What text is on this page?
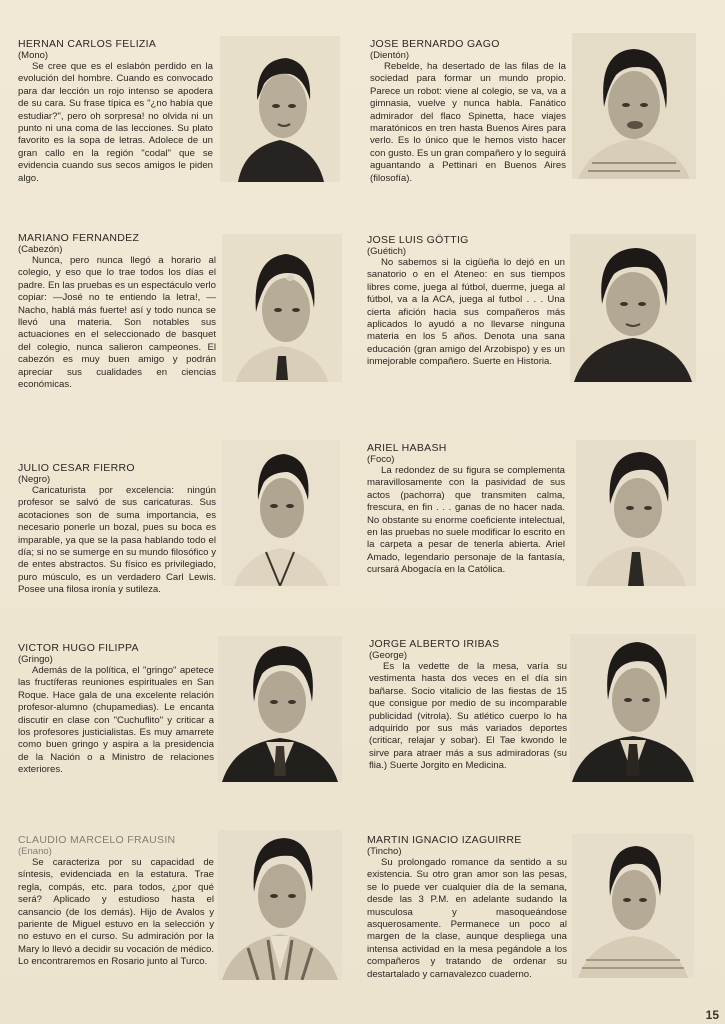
HERNAN CARLOS FELIZIA
(Mono)

Se cree que es el eslabón perdido en la evolución del hombre. Cuando es convocado para dar lección un rojo intenso se apodera de su cara. Su frase típica es "¿no había que estudiar?", pero oh sorpresa! no olvida ni un punto ni una coma de las lecciones. Su plato favorito es la sopa de letras. Adolece de un gran callo en la región "codal" que se evidencia cuando sus secos amigos le piden algo.

JOSE BERNARDO GAGO
(Dientón)

Rebelde, ha desertado de las filas de la sociedad para formar un mundo propio. Parece un robot: viene al colegio, se va, va a gimnasia, vuelve y nunca habla. Fanático admirador del flaco Spinetta, hace viajes maratónicos en tren hasta Buenos Aires para verlo. Es lo único que le hemos visto hacer con gusto. Es un gran compañero y lo seguirá aguantando a Pettinari en Buenos Aires (filosofía).

MARIANO FERNANDEZ
(Cabezón)

Nunca, pero nunca llegó a horario al colegio, y eso que lo trae todos los días el padre. En las pruebas es un espectáculo verlo copiar: —José no te entiendo la letra!, —Nacho, hablá más fuerte! así y todo nunca se llevó una materia. Son notables sus actuaciones en el seleccionado de basquet del colegio, nunca salieron campeones. El cabezón es muy buen amigo y podrán apreciar sus cualidades en ciencias económicas.

JOSE LUIS GÖTTIG
(Guétich)

No sabemos si la cigüeña lo dejó en un sanatorio o en el Ateneo: en sus tiempos libres come, juega al fútbol, duerme, juega al fútbol, va a la ACA, juega al futbol . . . Una cierta afición hacia sus compañeros más aplicados lo ayudó a no llevarse ninguna materia en los 5 años. Denota una sana educación (gran amigo del Arzobispo) y es un inmejorable compañero. Suerte en Historia.

JULIO CESAR FIERRO
(Negro)

Caricaturista por excelencia: ningún profesor se salvó de sus caricaturas. Sus acotaciones son de suma importancia, es necesario ponerle un bozal, pues su boca es imparable, ya que se la pasa hablando todo el día; si no se sumerge en su mundo filosófico y de entes abstractos. Su físico es privilegiado, puro músculo, es un verdadero Carl Lewis. Posee una filosa ironía y sutileza.

ARIEL HABASH
(Foco)

La redondez de su figura se complementa maravillosamente con la pasividad de sus actos (pachorra) que transmiten calma, frescura, en fin . . . ganas de no hacer nada. No obstante su enorme coeficiente intelectual, en las pruebas no suele modificar lo escrito en la carpeta a pesar de tenerla abierta. Ariel Amado, legendario personaje de la fantasía, cursará Abogacía en la Católica.

VICTOR HUGO FILIPPA
(Gringo)

Además de la política, el "gringo" apetece las fructíferas reuniones espirituales en San Roque. Hace gala de una excelente relación profesor-alumno (chupamedias). Le encanta discutir en clase con "Cuchuflito" y criticar a los profesores justicialistas. Es muy amarrete como buen gringo y aspira a la presidencia de la Nación o a Ministro de relaciones exteriores.

JORGE ALBERTO IRIBAS
(George)

Es la vedette de la mesa, varía su vestimenta hasta dos veces en el día sin bañarse. Socio vitalicio de las fiestas de 15 que consigue por medio de su incomparable publicidad (vitrola). Su atlético cuerpo lo ha adquirido por sus más variados deportes (criticar, relajar y sobar). El Tae kwondo le sirve para atraer más a sus admiradoras (su flia.) Suerte Jorgito en Medicina.

CLAUDIO MARCELO FRAUSIN
(Enano)

Se caracteriza por su capacidad de síntesis, evidenciada en la estatura. Trae regla, compás, etc. para todos, ¿por qué será? Aplicado y estudioso hasta el cansancio (de los demás). Hijo de Avalos y pariente de Miguel estuvo en la selección y no estuvo en el curso. Su admiración por la Mary lo llevó a decidir su vocación de médico. Lo encontraremos en Rosario junto al Turco.

MARTIN IGNACIO IZAGUIRRE
(Tincho)

Su prolongado romance da sentido a su existencia. Su otro gran amor son las pesas, se lo puede ver cualquier día de la semana, desde las 3 P.M. en adelante sudando la musculosa y masoqueándose asquerosamente. Permanece un poco al margen de la clase, aunque despliega una intensa actividad en la mesa pegándole a los compañeros y tratando de ordenar su destartalado y carnavalezco cuaderno.

15
